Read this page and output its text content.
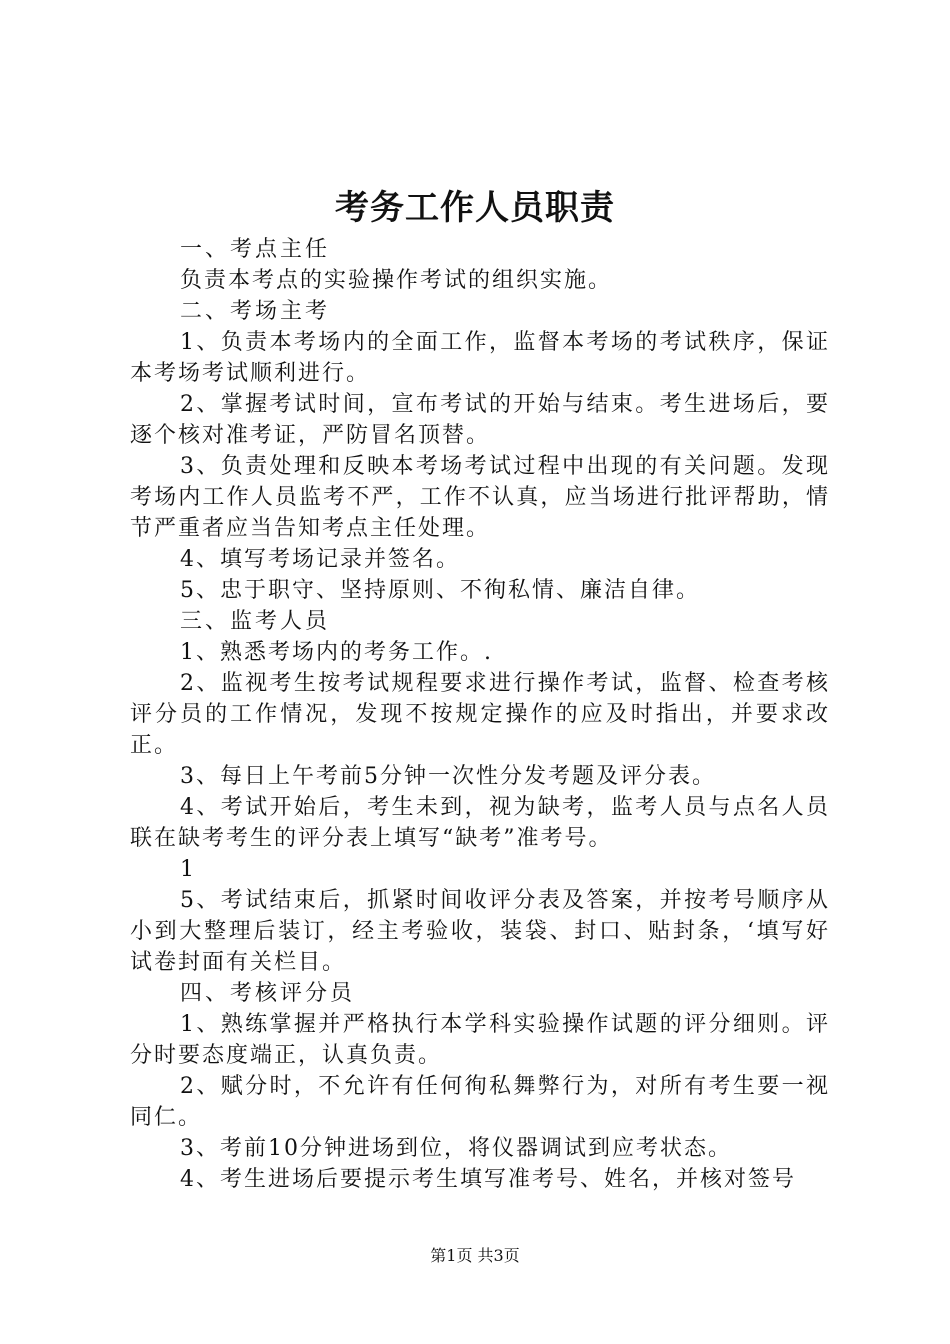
考务工作人员职责

一、考点主任

负责本考点的实验操作考试的组织实施。

二、考场主考

1、负责本考场内的全面工作，监督本考场的考试秩序，保证本考场考试顺利进行。

2、掌握考试时间，宣布考试的开始与结束。考生进场后，要逐个核对准考证，严防冒名顶替。

3、负责处理和反映本考场考试过程中出现的有关问题。发现考场内工作人员监考不严，工作不认真，应当场进行批评帮助，情节严重者应当告知考点主任处理。

4、填写考场记录并签名。

5、忠于职守、坚持原则、不徇私情、廉洁自律。

三、监考人员

1、熟悉考场内的考务工作。.

2、监视考生按考试规程要求进行操作考试，监督、检查考核评分员的工作情况，发现不按规定操作的应及时指出，并要求改正。

3、每日上午考前5分钟一次性分发考题及评分表。

4、考试开始后，考生未到，视为缺考，监考人员与点名人员联在缺考考生的评分表上填写“缺考”准考号。

1

5、考试结束后，抓紧时间收评分表及答案，并按考号顺序从小到大整理后装订，经主考验收，装袋、封口、贴封条，‘填写好试卷封面有关栏目。

四、考核评分员

1、熟练掌握并严格执行本学科实验操作试题的评分细则。评分时要态度端正，认真负责。

2、赋分时，不允许有任何徇私舞弊行为，对所有考生要一视同仁。

3、考前10分钟进场到位，将仪器调试到应考状态。

4、考生进场后要提示考生填写准考号、姓名，并核对签号

第1页 共3页
